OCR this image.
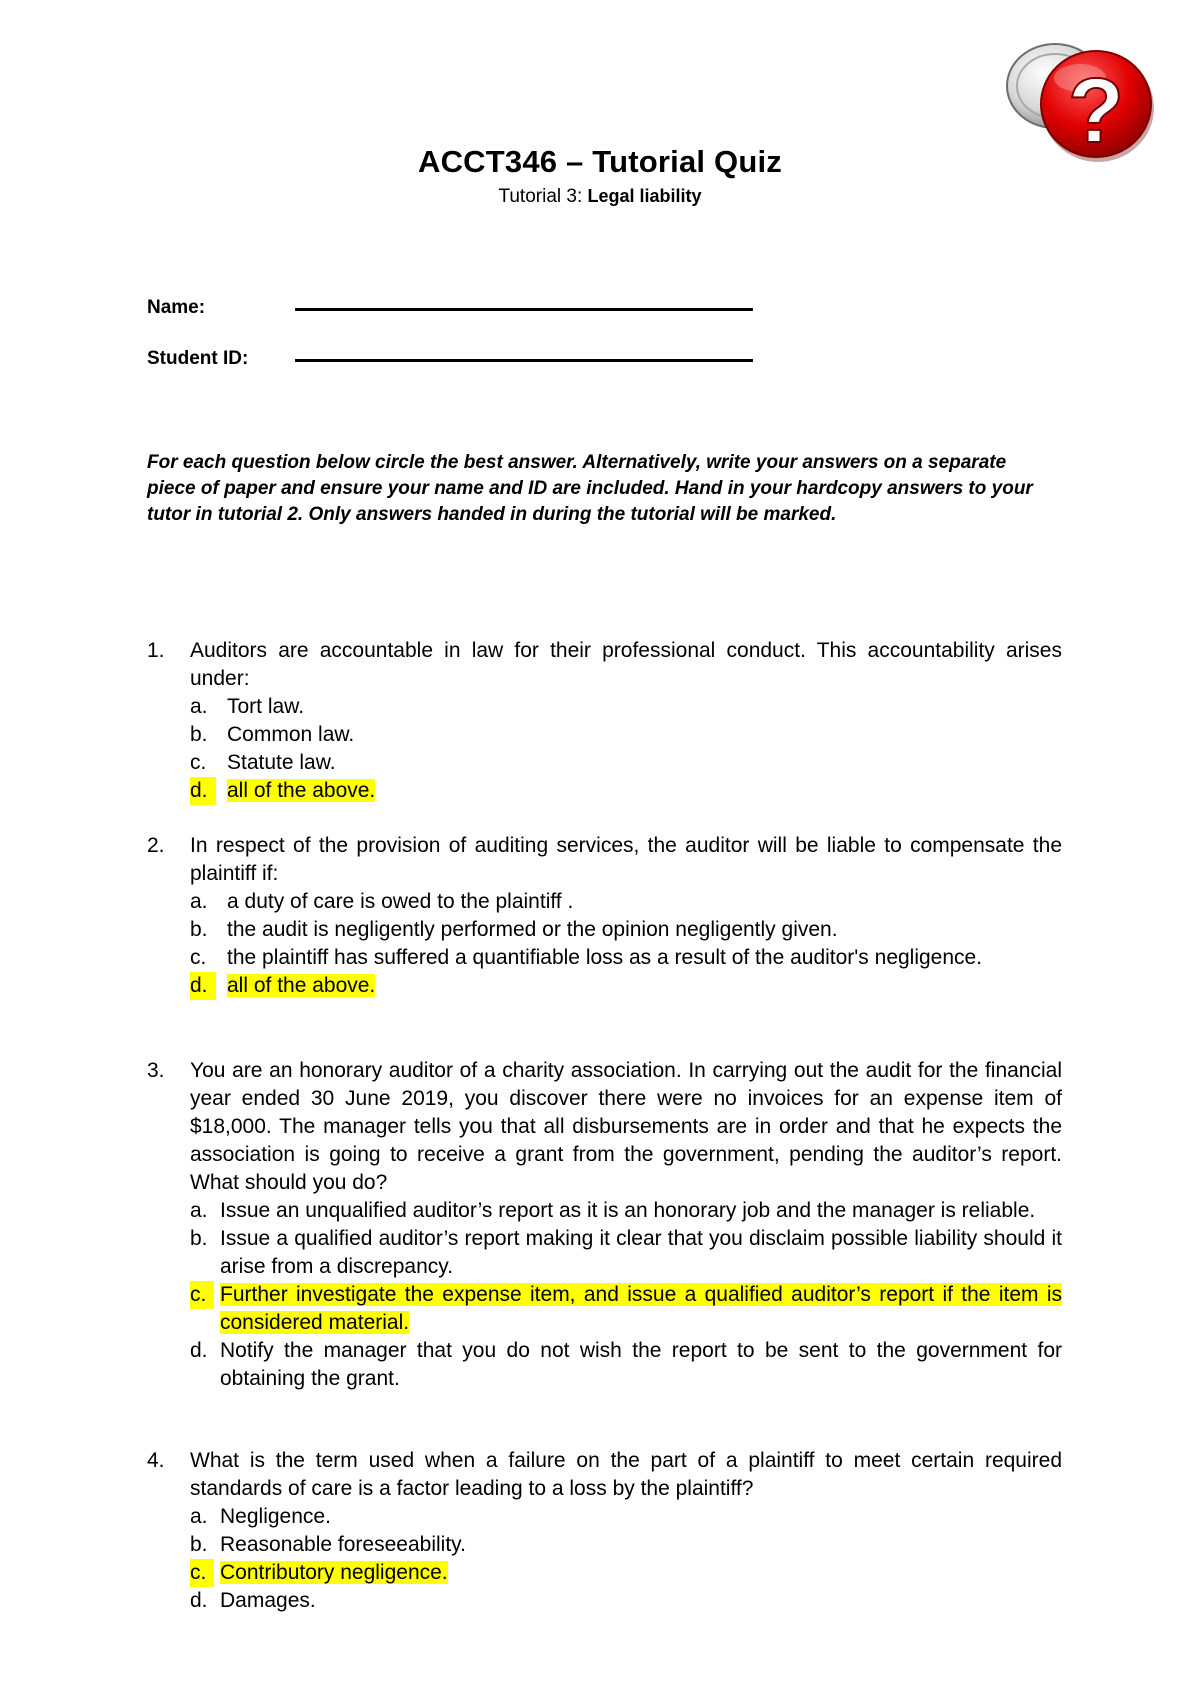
?
ACCT346 – Tutorial Quiz
Tutorial 3: Legal liability
Name:
Student ID:
For each question below circle the best answer. Alternatively, write your answers on a separate piece of paper and ensure your name and ID are included. Hand in your hardcopy answers to your tutor in tutorial 2. Only answers handed in during the tutorial will be marked.
1.	Auditors are accountable in law for their professional conduct. This accountability arises under:
a. Tort law.
b. Common law.
c. Statute law.
d. all of the above.
2.	In respect of the provision of auditing services, the auditor will be liable to compensate the plaintiff if:
a. a duty of care is owed to the plaintiff .
b. the audit is negligently performed or the opinion negligently given.
c. the plaintiff has suffered a quantifiable loss as a result of the auditor's negligence.
d. all of the above.
3.	You are an honorary auditor of a charity association. In carrying out the audit for the financial year ended 30 June 2019, you discover there were no invoices for an expense item of $18,000. The manager tells you that all disbursements are in order and that he expects the association is going to receive a grant from the government, pending the auditor’s report. What should you do?
a. Issue an unqualified auditor’s report as it is an honorary job and the manager is reliable.
b. Issue a qualified auditor’s report making it clear that you disclaim possible liability should it arise from a discrepancy.
c. Further investigate the expense item, and issue a qualified auditor’s report if the item is considered material.
d. Notify the manager that you do not wish the report to be sent to the government for obtaining the grant.
4.	What is the term used when a failure on the part of a plaintiff to meet certain required standards of care is a factor leading to a loss by the plaintiff?
a. Negligence.
b. Reasonable foreseeability.
c. Contributory negligence.
d. Damages.
